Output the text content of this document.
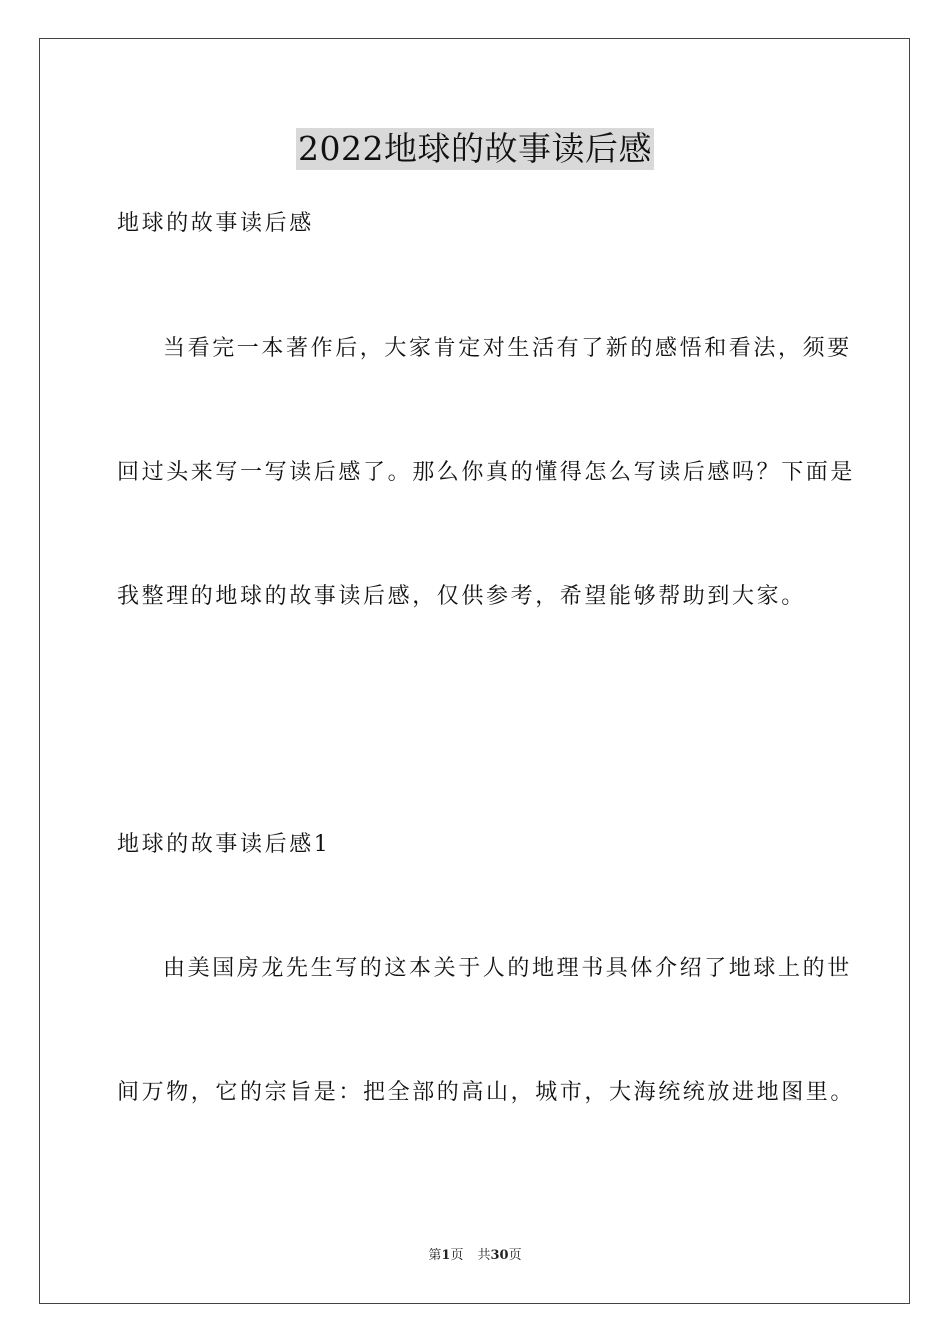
2022地球的故事读后感
地球的故事读后感
当看完一本著作后，大家肯定对生活有了新的感悟和看法，须要
回过头来写一写读后感了。那么你真的懂得怎么写读后感吗？下面是
我整理的地球的故事读后感，仅供参考，希望能够帮助到大家。
地球的故事读后感1
由美国房龙先生写的这本关于人的地理书具体介绍了地球上的世
间万物，它的宗旨是：把全部的高山，城市，大海统统放进地图里。
第1页 共30页
